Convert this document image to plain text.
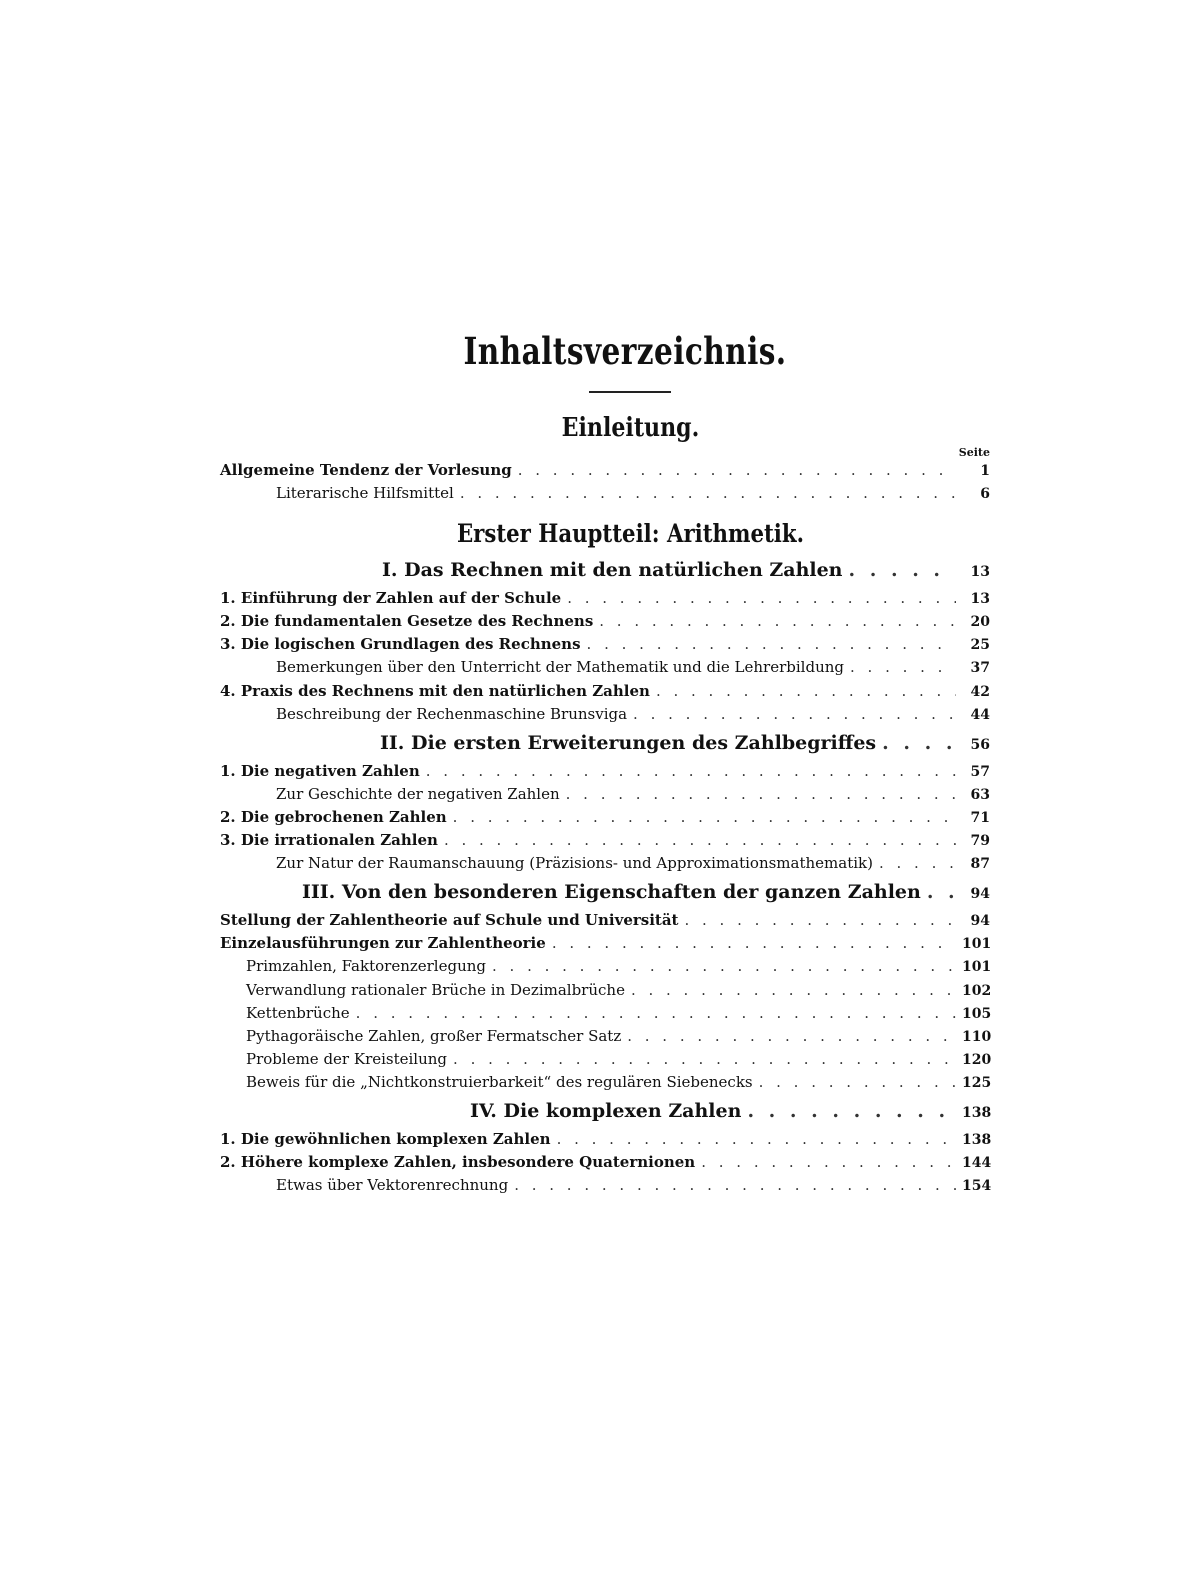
Inhaltsverzeichnis.
Einleitung.
Seite
Allgemeine Tendenz der Vorlesung . . .	1
Literarische Hilfsmittel . . .	6
Erster Hauptteil: Arithmetik.
I. Das Rechnen mit den natürlichen Zahlen . . .	13
1. Einführung der Zahlen auf der Schule . . .	13
2. Die fundamentalen Gesetze des Rechnens . . .	20
3. Die logischen Grundlagen des Rechnens . . .	25
Bemerkungen über den Unterricht der Mathematik und die Lehrerbildung . . .	37
4. Praxis des Rechnens mit den natürlichen Zahlen . . .	42
Beschreibung der Rechenmaschine Brunsviga . . .	44
II. Die ersten Erweiterungen des Zahlbegriffes . . .	56
1. Die negativen Zahlen . . .	57
Zur Geschichte der negativen Zahlen . . .	63
2. Die gebrochenen Zahlen . . .	71
3. Die irrationalen Zahlen . . .	79
Zur Natur der Raumanschauung (Präzisions- und Approximationsmathematik) . . .	87
III. Von den besonderen Eigenschaften der ganzen Zahlen . . .	94
Stellung der Zahlentheorie auf Schule und Universität . . .	94
Einzelausführungen zur Zahlentheorie . . .	101
Primzahlen, Faktorenzerlegung . . .	101
Verwandlung rationaler Brüche in Dezimalbrüche . . .	102
Kettenbrüche . . .	105
Pythagoräische Zahlen, großer Fermatscher Satz . . .	110
Probleme der Kreisteilung . . .	120
Beweis für die „Nichtkonstruierbarkeit“ des regulären Siebenecks . . .	125
IV. Die komplexen Zahlen . . .	138
1. Die gewöhnlichen komplexen Zahlen . . .	138
2. Höhere komplexe Zahlen, insbesondere Quaternionen . . .	144
Etwas über Vektorenrechnung . . .	154
